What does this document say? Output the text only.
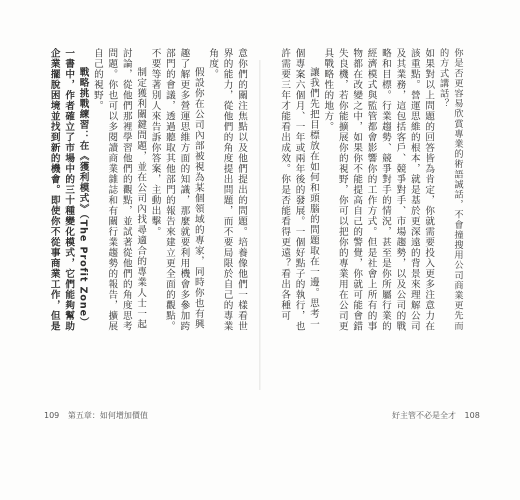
意你們的關注焦點以及他們提出的問題。培養像他們一樣看世界的能力，從他們的角度提出問題，而不要局限於自己的專業角度。

假設你在公司內部被視為某個領域的專家，同時你也有興趣了解更多營運思維方面的知識，那麼就要利用機會多參加跨部門的會議，透過聽取其他部門的報告來建立更全面的觀點。不要等著別人來告訴你答案，主動出擊。

制定獲利關鍵問題，並在公司內找尋適合的專業人士一起討論，從他們那裡學習他們的觀點，並試著從他們的角度思考問題。你也可以多閱讀商業雜誌和有關行業趨勢的報告，擴展自己的視野。

戰略挑戰練習：在《獲利模式》（The Profit Zone）一書中，作者確立了市場中的三十種變化模式，它們能夠幫助企業擺脫困境並找到新的機會。即使你不從事商業工作，但是	你是否更容易欣賞專業的術語誠話，不會撞搜用公司商業更先而的方式講話？

如果對以上問題的回答皆為肯定，你就需要投入更多注意力在該重點。營運思維的根本，就是基於更深遠的背景來理解公司及其業務，這包括客戶、競爭對手、市場趨勢，以及公司的戰略和目標。行業趨勢、競爭對手的情況，甚至是你所屬行業的經濟模式與監管都會影響你的工作方式。但是社會上所有的事物都在改變之中，如果你不能提高自己的警覺，你就可能會錯失良機，若你能擴展你的視野，你可以把你的專業用在公司更具戰略性的地方。

讓我們先把目標放在如何和頭腦的問題取在一邊。思考一個專案六個月、一年或兩年後的發展。一個好點子的執行，也許需要三年才能看出成效。你是否能看得更遠？看出各種可

109 第五章：如何增加價值	好主管不必是全才 108
